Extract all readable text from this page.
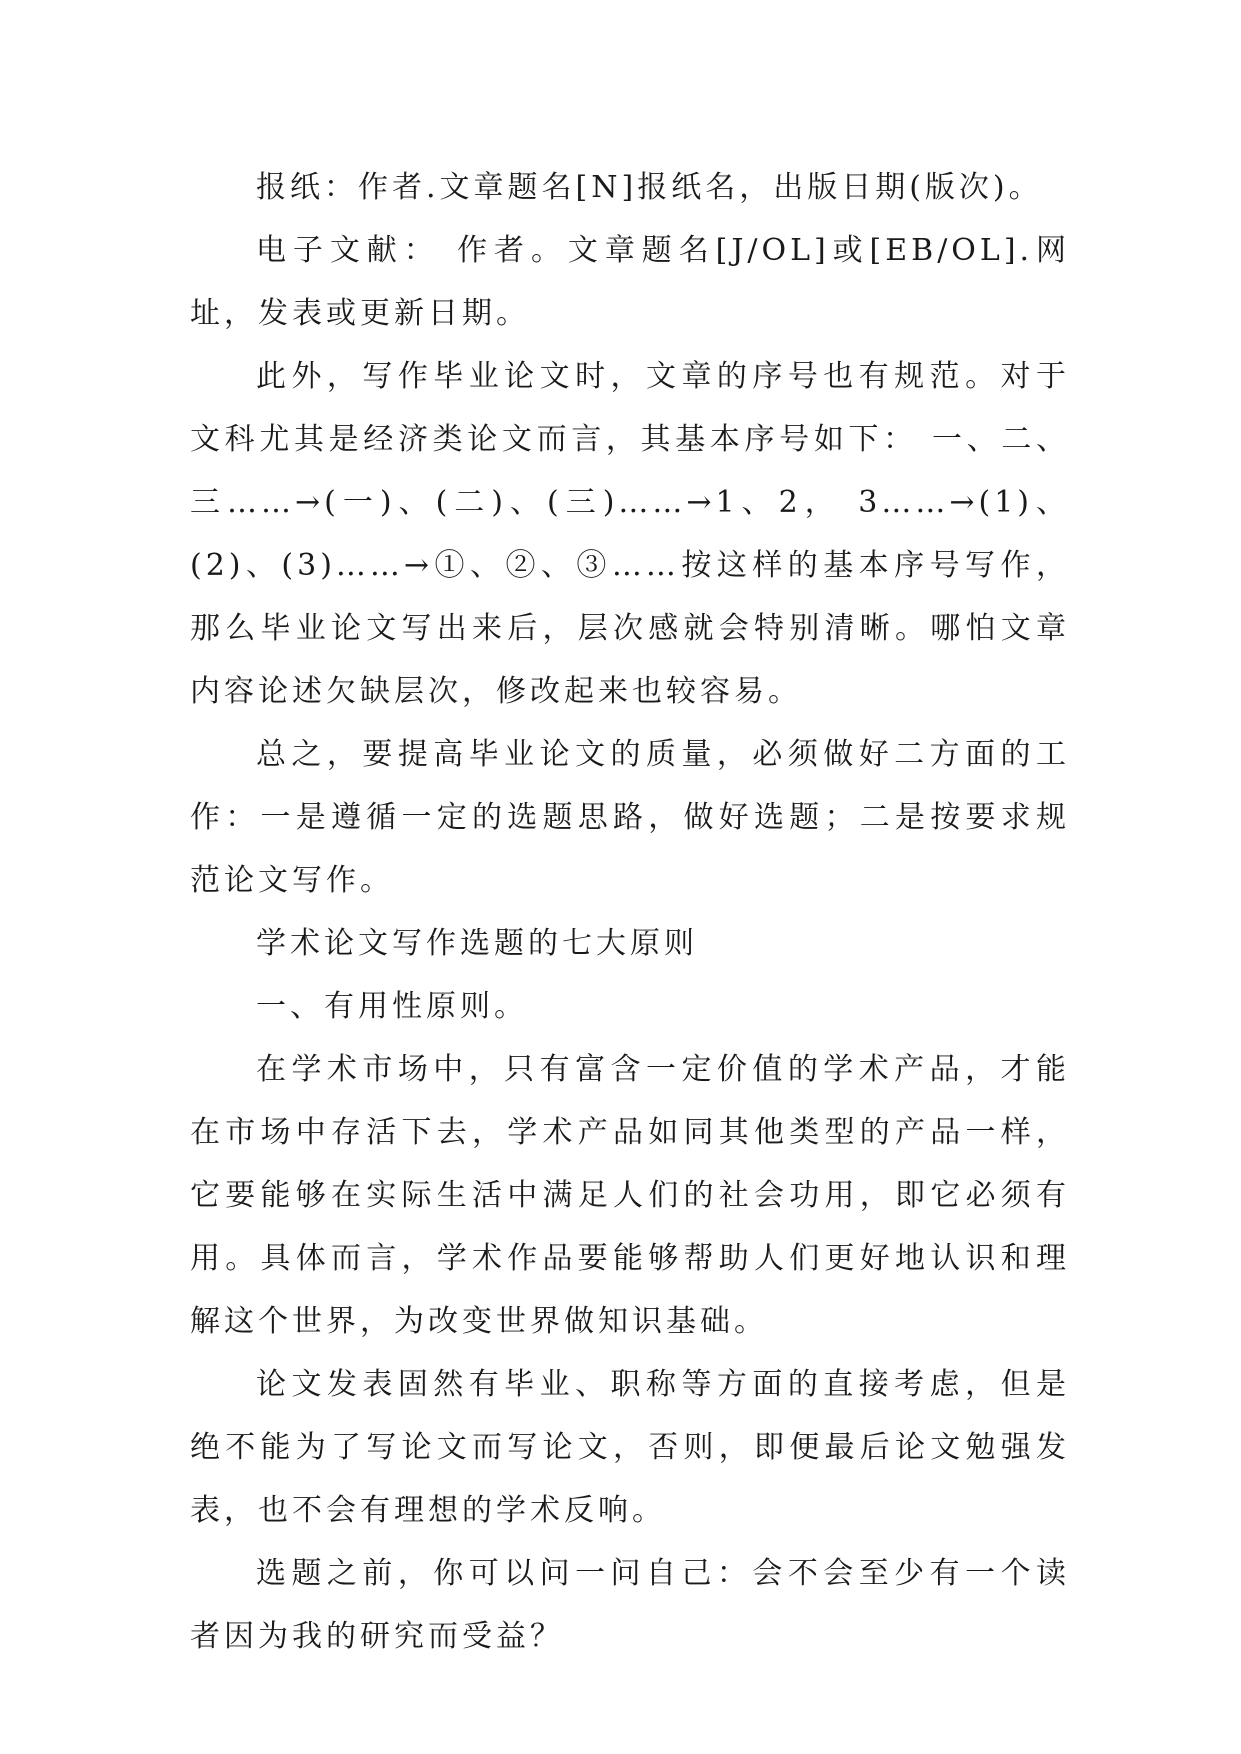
报纸：作者.文章题名[N]报纸名，出版日期(版次)。

电子文献： 作者。文章题名[J/OL]或[EB/OL].网址，发表或更新日期。

此外，写作毕业论文时，文章的序号也有规范。对于文科尤其是经济类论文而言，其基本序号如下： 一、二、三……→(一)、(二)、(三)……→1、2， 3……→(1)、(2)、(3)……→①、②、③……按这样的基本序号写作，那么毕业论文写出来后，层次感就会特别清晰。哪怕文章内容论述欠缺层次，修改起来也较容易。

总之，要提高毕业论文的质量，必须做好二方面的工作：一是遵循一定的选题思路，做好选题；二是按要求规范论文写作。

学术论文写作选题的七大原则

一、有用性原则。

在学术市场中，只有富含一定价值的学术产品，才能在市场中存活下去，学术产品如同其他类型的产品一样，它要能够在实际生活中满足人们的社会功用，即它必须有用。具体而言，学术作品要能够帮助人们更好地认识和理解这个世界，为改变世界做知识基础。

论文发表固然有毕业、职称等方面的直接考虑，但是绝不能为了写论文而写论文，否则，即便最后论文勉强发表，也不会有理想的学术反响。

选题之前，你可以问一问自己：会不会至少有一个读者因为我的研究而受益？
